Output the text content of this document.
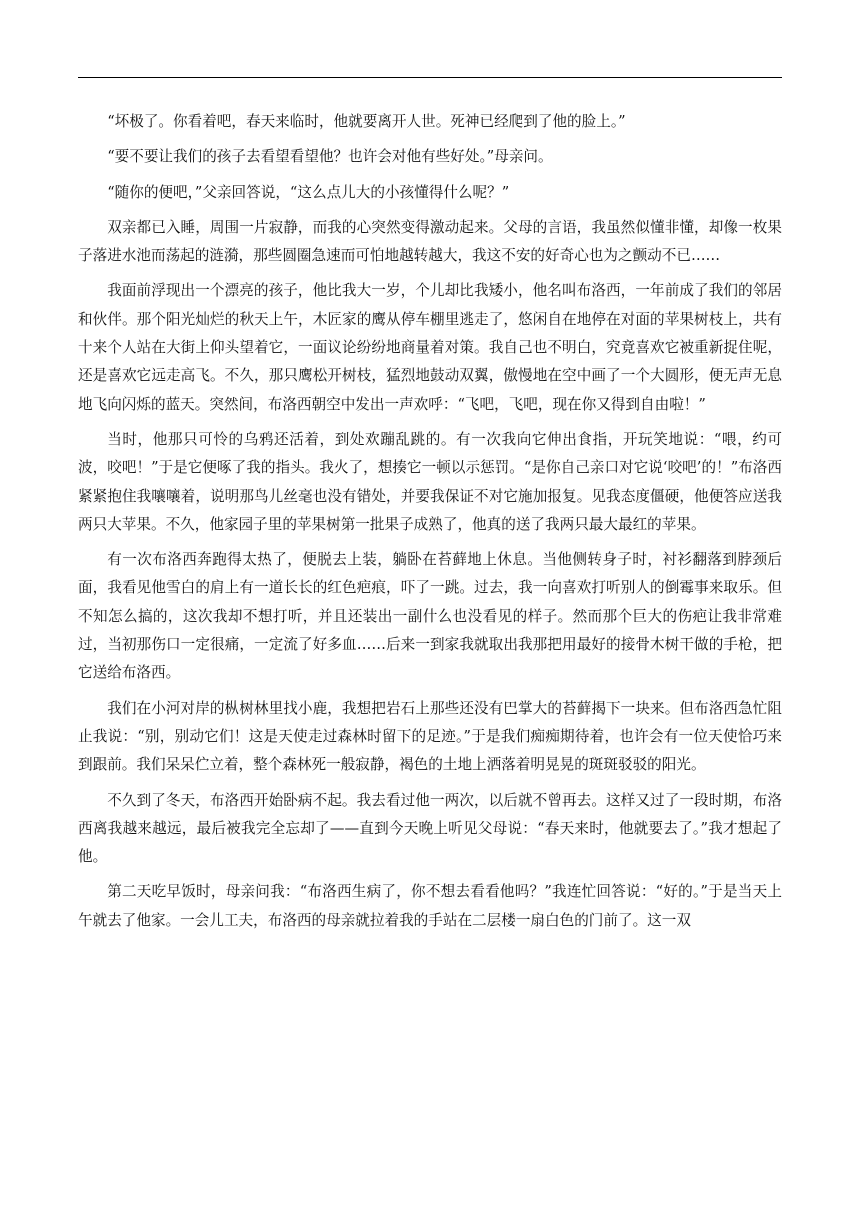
“坏极了。你看着吧，春天来临时，他就要离开人世。死神已经爬到了他的脸上。”

“要不要让我们的孩子去看望看望他？也许会对他有些好处。”母亲问。

“随你的便吧，”父亲回答说，“这么点儿大的小孩懂得什么呢？”

双亲都已入睡，周围一片寂静，而我的心突然变得激动起来。父母的言语，我虽然似懂非懂，却像一枚果子落进水池而荡起的涟漪，那些圆圈急速而可怕地越转越大，我这不安的好奇心也为之颤动不已……

我面前浮现出一个漂亮的孩子，他比我大一岁，个儿却比我矮小，他名叫布洛西，一年前成了我们的邻居和伙伴。那个阳光灿烂的秋天上午，木匠家的鹰从停车棚里逃走了，悠闲自在地停在对面的苹果树枝上，共有十来个人站在大街上仰头望着它，一面议论纷纷地商量着对策。我自己也不明白，究竟喜欢它被重新捉住呢，还是喜欢它远走高飞。不久，那只鹰松开树枝，猛烈地鼓动双翼，傲慢地在空中画了一个大圆形，便无声无息地飞向闪烁的蓝天。突然间，布洛西朝空中发出一声欢呼：“飞吧，飞吧，现在你又得到自由啦！”

当时，他那只可怜的乌鸦还活着，到处欢蹦乱跳的。有一次我向它伸出食指，开玩笑地说：“喂，约可波，咬吧！”于是它便啄了我的指头。我火了，想揍它一顿以示惩罚。“是你自己亲口对它说‘咬吧’的！”布洛西紧紧抱住我嚷嚷着，说明那鸟儿丝毫也没有错处，并要我保证不对它施加报复。见我态度僵硬，他便答应送我两只大苹果。不久，他家园子里的苹果树第一批果子成熟了，他真的送了我两只最大最红的苹果。

有一次布洛西奔跑得太热了，便脱去上装，躺卧在苔藓地上休息。当他侧转身子时，衬衫翻落到脖颈后面，我看见他雪白的肩上有一道长长的红色疤痕，吓了一跳。过去，我一向喜欢打听别人的倒霉事来取乐。但不知怎么搞的，这次我却不想打听，并且还装出一副什么也没看见的样子。然而那个巨大的伤疤让我非常难过，当初那伤口一定很痛，一定流了好多血……后来一到家我就取出我那把用最好的接骨木树干做的手枪，把它送给布洛西。

我们在小河对岸的枞树林里找小鹿，我想把岩石上那些还没有巴掌大的苔藓揭下一块来。但布洛西急忙阻止我说：“别，别动它们！这是天使走过森林时留下的足迹。”于是我们痴痴期待着，也许会有一位天使恰巧来到跟前。我们呆呆伫立着，整个森林死一般寂静，褐色的土地上洒落着明晃晃的斑斑驳驳的阳光。

不久到了冬天，布洛西开始卧病不起。我去看过他一两次，以后就不曾再去。这样又过了一段时期，布洛西离我越来越远，最后被我完全忘却了——直到今天晚上听见父母说：“春天来时，他就要去了。”我才想起了他。

第二天吃早饭时，母亲问我：“布洛西生病了，你不想去看看他吗？”我连忙回答说：“好的。”于是当天上午就去了他家。一会儿工夫，布洛西的母亲就拉着我的手站在二层楼一扇白色的门前了。这一双
